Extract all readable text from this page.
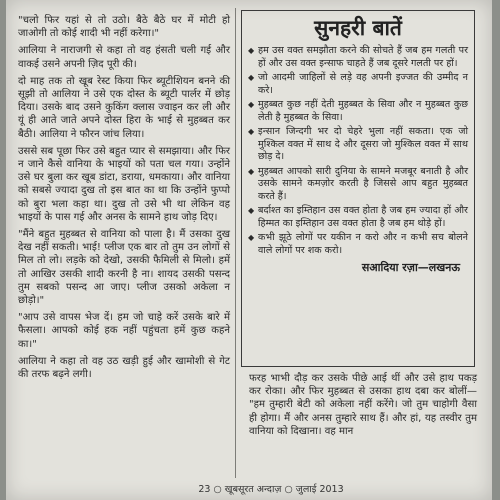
"चलो फिर यहां से तो उठो। बैठे बैठे घर में मोटी हो जाओगी तो कोई शादी भी नहीं करेगा।"

आलिया ने नाराजगी से कहा तो वह हंसती चली गई और वाकई उसने अपनी ज़िद पूरी की।

दो माह तक तो खूब रेस्ट किया फिर ब्यूटीशियन बनने की सूझी तो आलिया ने उसे एक दोस्त के ब्यूटी पार्लर में छोड़ दिया। उसके बाद उसने कुकिंग क्लास ज्वाइन कर ली और यूं ही आते जाते अपने दोस्त हिरा के भाई से मुहब्बत कर बैठी। आलिया ने फौरन जांच लिया।

उससे सब पूछा फिर उसे बहुत प्यार से समझाया। और फिर न जाने कैसे वानिया के भाइयों को पता चल गया। उन्होंने उसे घर बुला कर खूब डांटा, डराया, धमकाया। और वानिया को सबसे ज्यादा दुख तो इस बात का था कि उन्होंने फुप्पो को बुरा भला कहा था। दुख तो उसे भी था लेकिन वह भाइयों के पास गई और अनस के सामने हाथ जोड़ दिए।

"मैंने बहुत मुहब्बत से वानिया को पाला है। मैं उसका दुख देख नहीं सकती। भाई! प्लीज एक बार तो तुम उन लोगों से मिल तो लो। लड़के को देखो, उसकी फैमिली से मिलो। हमें तो आखिर उसकी शादी करनी है ना। शायद उसकी पसन्द तुम सबको पसन्द आ जाए। प्लीज उसको अकेला न छोड़ो।"

"आप उसे वापस भेज दें। हम जो चाहे करें उसके बारे में फैसला। आपको कोई हक नहीं पहुंचता हमें कुछ कहने का।"

आलिया ने कहा तो वह उठ खड़ी हुई और खामोशी से गेट की तरफ बढ़ने लगी।

सुनहरी बातें
◆ हम उस वक्त समझौता करने की सोचते हैं जब हम गलती पर हों और उस वक्त इन्साफ चाहते हैं जब दूसरे गलती पर हों।
◆ जो आदमी जाहिलों से लड़े वह अपनी इज्जत की उम्मीद न करे।
◆ मुहब्बत कुछ नहीं देती मुहब्बत के सिवा और न मुहब्बत कुछ लेती है मुहब्बत के सिवा।
◆ इन्सान जिन्दगी भर दो चेहरे भुला नहीं सकता। एक जो मुश्किल वक्त में साथ दे और दूसरा जो मुश्किल वक्त में साथ छोड़ दे।
◆ मुहब्बत आपको सारी दुनिया के सामने मजबूर बनाती है और उसके सामने कमज़ोर करती है जिससे आप बहुत मुहब्बत करते हैं।
◆ बर्दाश्त का इम्तिहान उस वक्त होता है जब हम ज्यादा हों और हिम्मत का इम्तिहान उस वक्त होता है जब हम थोड़े हों।
◆ कभी झूठे लोगों पर यकीन न करो और न कभी सच बोलने वाले लोगों पर शक करो।
सआदिया रज़ा—लखनऊ

फरह भाभी दौड़ कर उसके पीछे आई थीं और उसे हाथ पकड़ कर रोका। और फिर मुहब्बत से उसका हाथ दबा कर बोलीं— "हम तुम्हारी बेटी को अकेला नहीं करेंगे। जो तुम चाहोगी वैसा ही होगा। मैं और अनस तुम्हारे साथ हैं। और हां, यह तस्वीर तुम वानिया को दिखाना। वह मान

23 ○ खूबसूरत अन्दाज़ ○ जुलाई 2013
